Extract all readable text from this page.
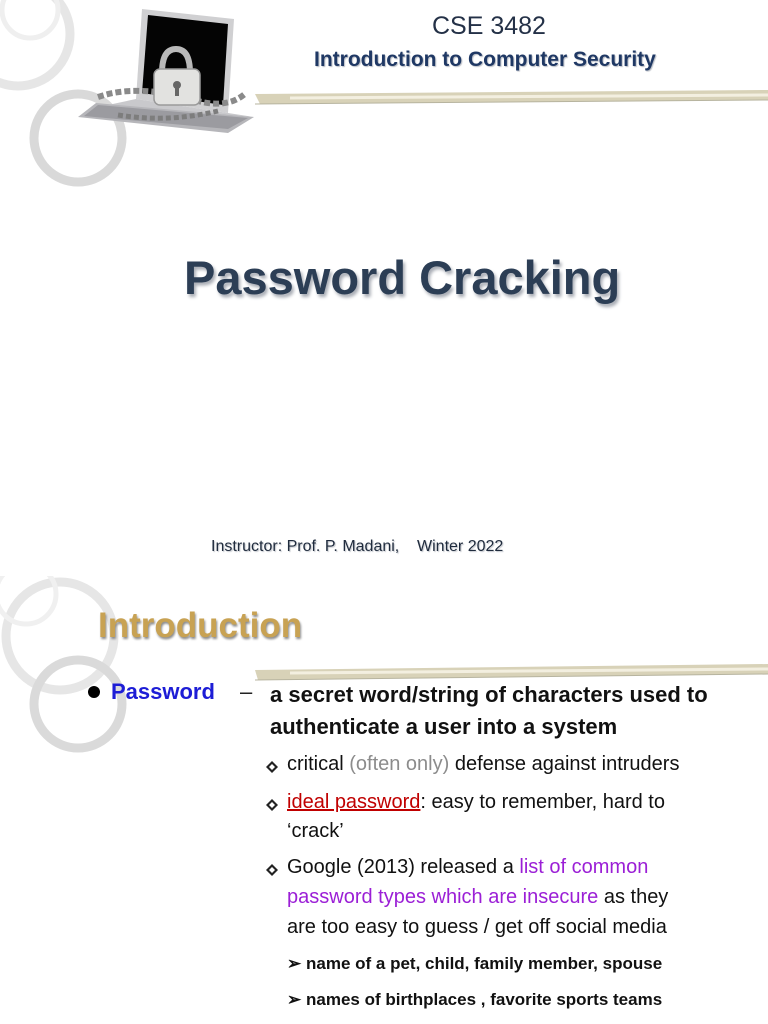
CSE 3482
Introduction to Computer Security
Password Cracking
Instructor: Prof. P. Madani, Winter 2022
Introduction
Password – a secret word/string of characters used to
authenticate a user into a system
critical (often only) defense against intruders
ideal password: easy to remember, hard to
‘crack’
Google (2013) released a list of common
password types which are insecure as they
are too easy to guess / get off social media
➢ name of a pet, child, family member, spouse
➢ names of birthplaces , favorite sports teams
